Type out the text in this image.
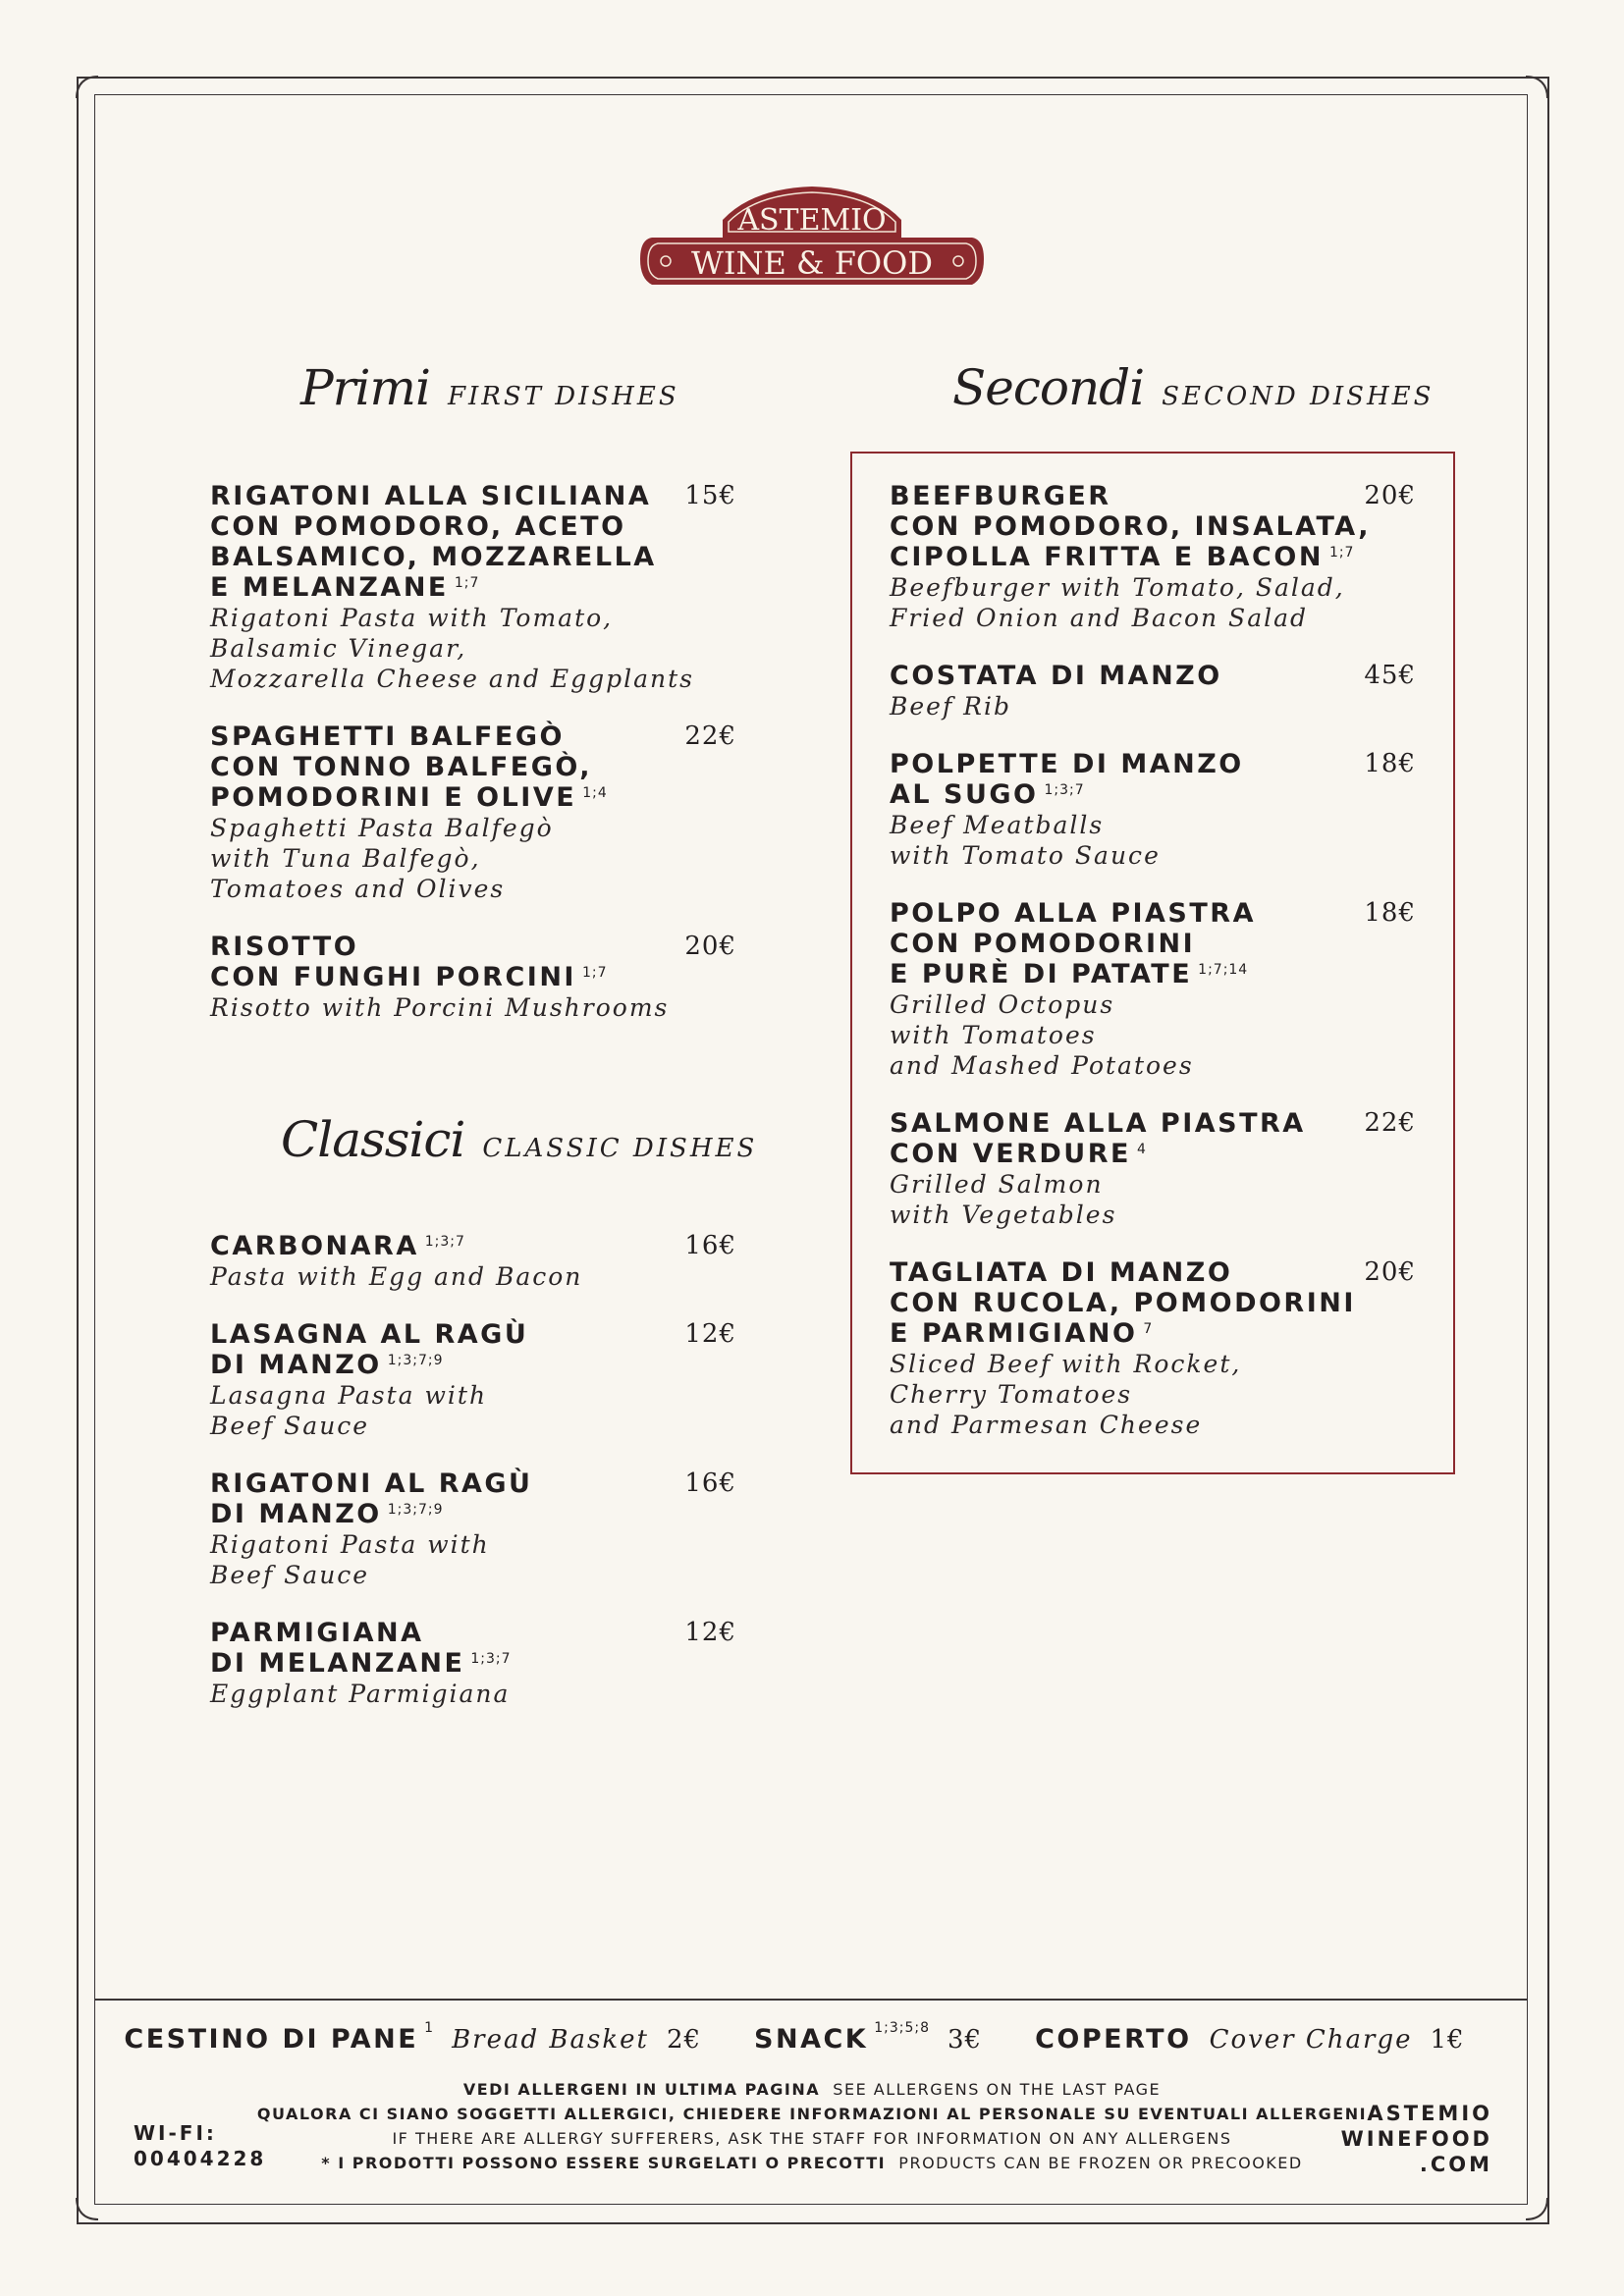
ASTEMIO
WINE & FOOD
Primi FIRST DISHES
RIGATONI ALLA SICILIANA
CON POMODORO, ACETO
BALSAMICO, MOZZARELLA
E MELANZANE $^{1;7}$
Rigatoni Pasta with Tomato,
Balsamic Vinegar,
Mozzarella Cheese and Eggplants
15€
SPAGHETTI BALFEGÒ
CON TONNO BALFEGÒ,
POMODORINI E OLIVE $^{1;4}$
Spaghetti Pasta Balfegò
with Tuna Balfegò,
Tomatoes and Olives
22€
RISOTTO
CON FUNGHI PORCINI $^{1;7}$
Risotto with Porcini Mushrooms
20€
Classici CLASSIC DISHES
CARBONARA $^{1;3;7}$
Pasta with Egg and Bacon
16€
LASAGNA AL RAGÙ
DI MANZO $^{1;3;7;9}$
Lasagna Pasta with
Beef Sauce
12€
RIGATONI AL RAGÙ
DI MANZO $^{1;3;7;9}$
Rigatoni Pasta with
Beef Sauce
16€
PARMIGIANA
DI MELANZANE $^{1;3;7}$
Eggplant Parmigiana
12€
Secondi SECOND DISHES
BEEFBURGER
CON POMODORO, INSALATA,
CIPOLLA FRITTA E BACON $^{1;7}$
Beefburger with Tomato, Salad,
Fried Onion and Bacon Salad
20€
COSTATA DI MANZO
Beef Rib
45€
POLPETTE DI MANZO
AL SUGO $^{1;3;7}$
Beef Meatballs
with Tomato Sauce
18€
POLPO ALLA PIASTRA
CON POMODORINI
E PURÈ DI PATATE $^{1;7;14}$
Grilled Octopus
with Tomatoes
and Mashed Potatoes
18€
SALMONE ALLA PIASTRA
CON VERDURE $^4$
Grilled Salmon
with Vegetables
22€
TAGLIATA DI MANZO
CON RUCOLA, POMODORINI
E PARMIGIANO $^7$
Sliced Beef with Rocket,
Cherry Tomatoes
and Parmesan Cheese
20€
CESTINO DI PANE $^1$ Bread Basket 2€ SNACK $^{1;3;5;8}$ 3€ COPERTO Cover Charge 1€
VEDI ALLERGENI IN ULTIMA PAGINA SEE ALLERGENS ON THE LAST PAGE
QUALORA CI SIANO SOGGETTI ALLERGICI, CHIEDERE INFORMAZIONI AL PERSONALE SU EVENTUALI ALLERGENI
IF THERE ARE ALLERGY SUFFERERS, ASK THE STAFF FOR INFORMATION ON ANY ALLERGENS
* I PRODOTTI POSSONO ESSERE SURGELATI O PRECOTTI PRODUCTS CAN BE FROZEN OR PRECOOKED
WI-FI:
00404228
ASTEMIO
WINEFOOD
.COM
